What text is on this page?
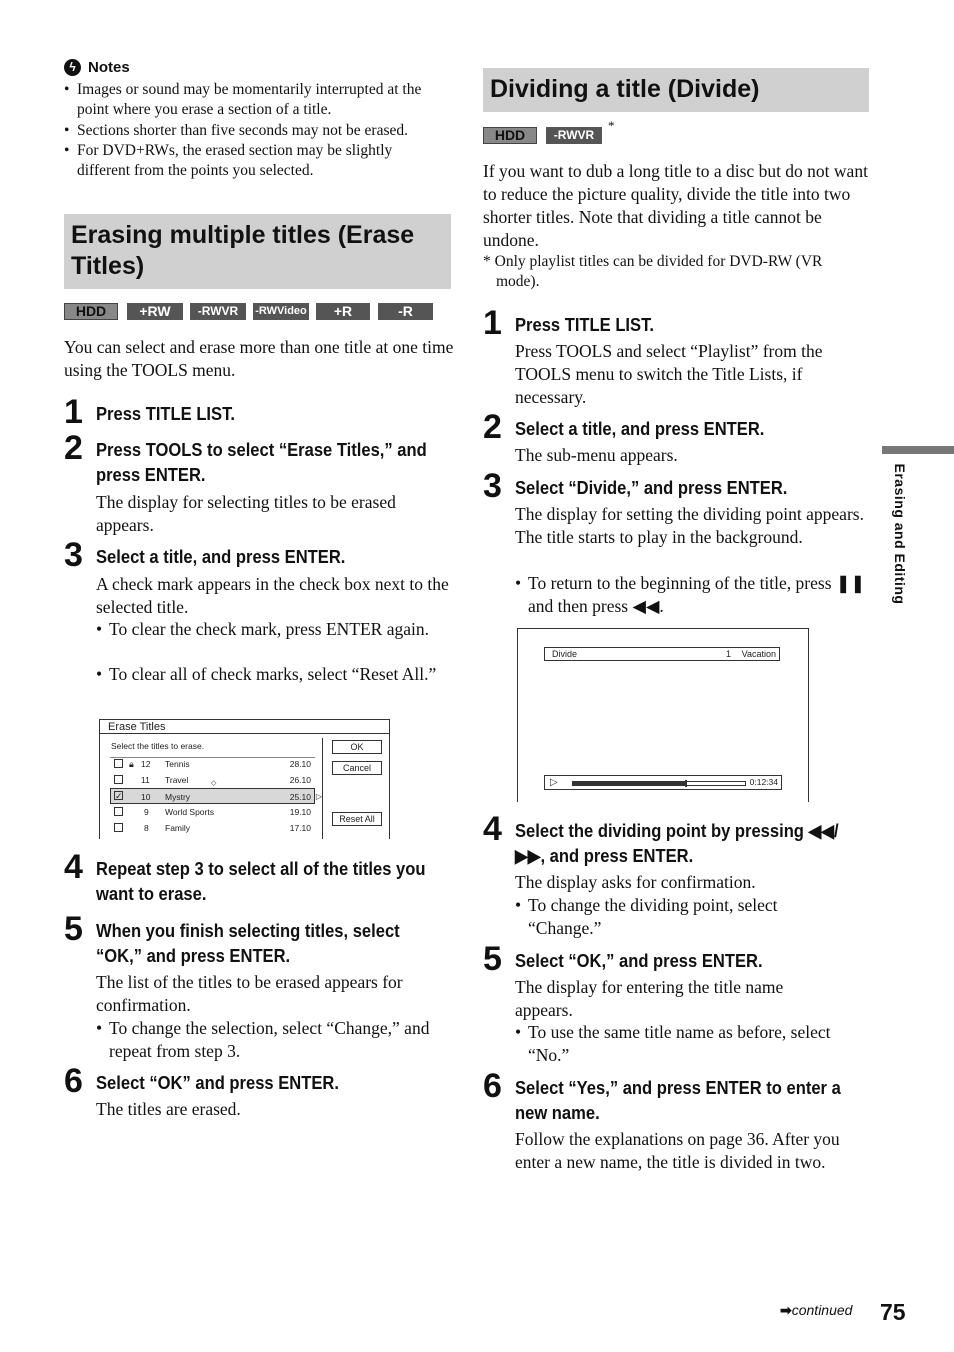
ϟ Notes
• Images or sound may be momentarily interrupted at the point where you erase a section of a title.
• Sections shorter than five seconds may not be erased.
• For DVD+RWs, the erased section may be slightly different from the points you selected.
Erasing multiple titles (Erase Titles)
HDD	+RW	-RWVR	-RWVideo	+R	-R
You can select and erase more than one title at one time using the TOOLS menu.
1 Press TITLE LIST.
2 Press TOOLS to select “Erase Titles,” and press ENTER.
The display for selecting titles to be erased appears.
3 Select a title, and press ENTER.
A check mark appears in the check box next to the selected title.
• To clear the check mark, press ENTER again.
• To clear all of check marks, select “Reset All.”
Erase Titles
Select the titles to erase.
🔒︎ 12 Tennis	28.10
11 Travel	26.10
✓ 10 Mystry	25.10
◇
▷
9 World Sports	19.10
8 Family	17.10
OK
Cancel
Reset All
4 Repeat step 3 to select all of the titles you want to erase.
5 When you finish selecting titles, select “OK,” and press ENTER.
The list of the titles to be erased appears for confirmation.
• To change the selection, select “Change,” and repeat from step 3.
6 Select “OK” and press ENTER.
The titles are erased.
Dividing a title (Divide)
HDD	-RWVR
*
If you want to dub a long title to a disc but do not want to reduce the picture quality, divide the title into two shorter titles. Note that dividing a title cannot be undone.
* Only playlist titles can be divided for DVD-RW (VR mode).
1 Press TITLE LIST.
Press TOOLS and select “Playlist” from the TOOLS menu to switch the Title Lists, if necessary.
2 Select a title, and press ENTER.
The sub-menu appears.
3 Select “Divide,” and press ENTER.
The display for setting the dividing point appears. The title starts to play in the background.
• To return to the beginning of the title, press ❚❚ and then press ◀◀.
Divide	1 Vacation
▷	0:12:34
4 Select the dividing point by pressing ◀◀/ ▶▶, and press ENTER.
The display asks for confirmation.
• To change the dividing point, select “Change.”
5 Select “OK,” and press ENTER.
The display for entering the title name appears.
• To use the same title name as before, select “No.”
6 Select “Yes,” and press ENTER to enter a new name.
Follow the explanations on page 36. After you enter a new name, the title is divided in two.
Erasing and Editing
➡continued 75
